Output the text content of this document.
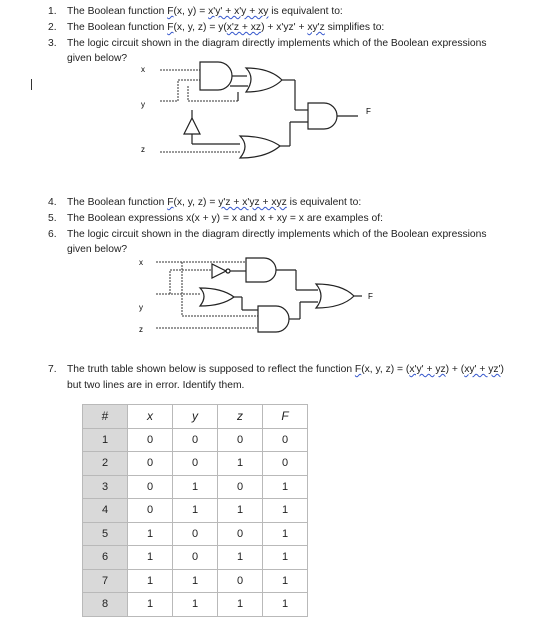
1. The Boolean function F(x, y) = x'y' + x'y + xy is equivalent to:
2. The Boolean function F(x, y, z) = y(x'z + xz) + x'yz' + xy'z simplifies to:
3. The logic circuit shown in the diagram directly implements which of the Boolean expressions
given below?
x
y
z
F
4. The Boolean function F(x, y, z) = y'z + x'yz + xyz is equivalent to:
5. The Boolean expressions x(x + y) = x and x + xy = x are examples of:
6. The logic circuit shown in the diagram directly implements which of the Boolean expressions
given below?
x
y
z
F
7. The truth table shown below is supposed to reflect the function F(x, y, z) = (x'y' + yz) + (xy' + yz')
but two lines are in error. Identify them.
#	x	y	z	F
1	0	0	0	0
2	0	0	1	0
3	0	1	0	1
4	0	1	1	1
5	1	0	0	1
6	1	0	1	1
7	1	1	0	1
8	1	1	1	1
